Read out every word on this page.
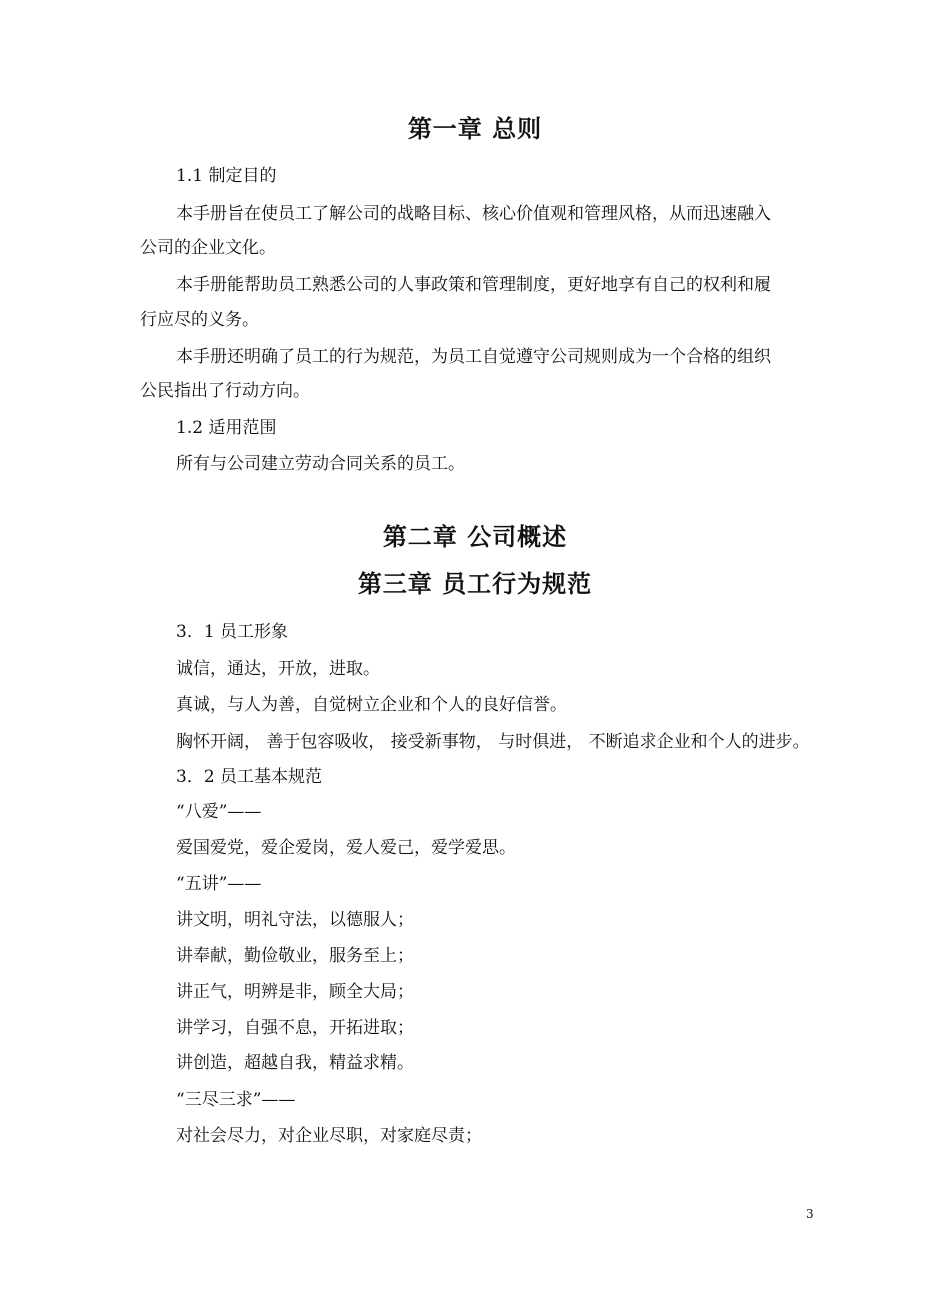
第一章 总则
1.1 制定目的
本手册旨在使员工了解公司的战略目标、核心价值观和管理风格，从而迅速融入
公司的企业文化。
本手册能帮助员工熟悉公司的人事政策和管理制度，更好地享有自己的权利和履
行应尽的义务。
本手册还明确了员工的行为规范，为员工自觉遵守公司规则成为一个合格的组织
公民指出了行动方向。
1.2 适用范围
所有与公司建立劳动合同关系的员工。
第二章 公司概述
第三章 员工行为规范
3．1 员工形象
诚信，通达，开放，进取。
真诚，与人为善，自觉树立企业和个人的良好信誉。
胸怀开阔， 善于包容吸收， 接受新事物， 与时俱进， 不断追求企业和个人的进步。
3．2 员工基本规范
“八爱”——
爱国爱党，爱企爱岗，爱人爱己，爱学爱思。
“五讲”——
讲文明，明礼守法，以德服人；
讲奉献，勤俭敬业，服务至上；
讲正气，明辨是非，顾全大局；
讲学习，自强不息，开拓进取；
讲创造，超越自我，精益求精。
“三尽三求”——
对社会尽力，对企业尽职，对家庭尽责；
3
